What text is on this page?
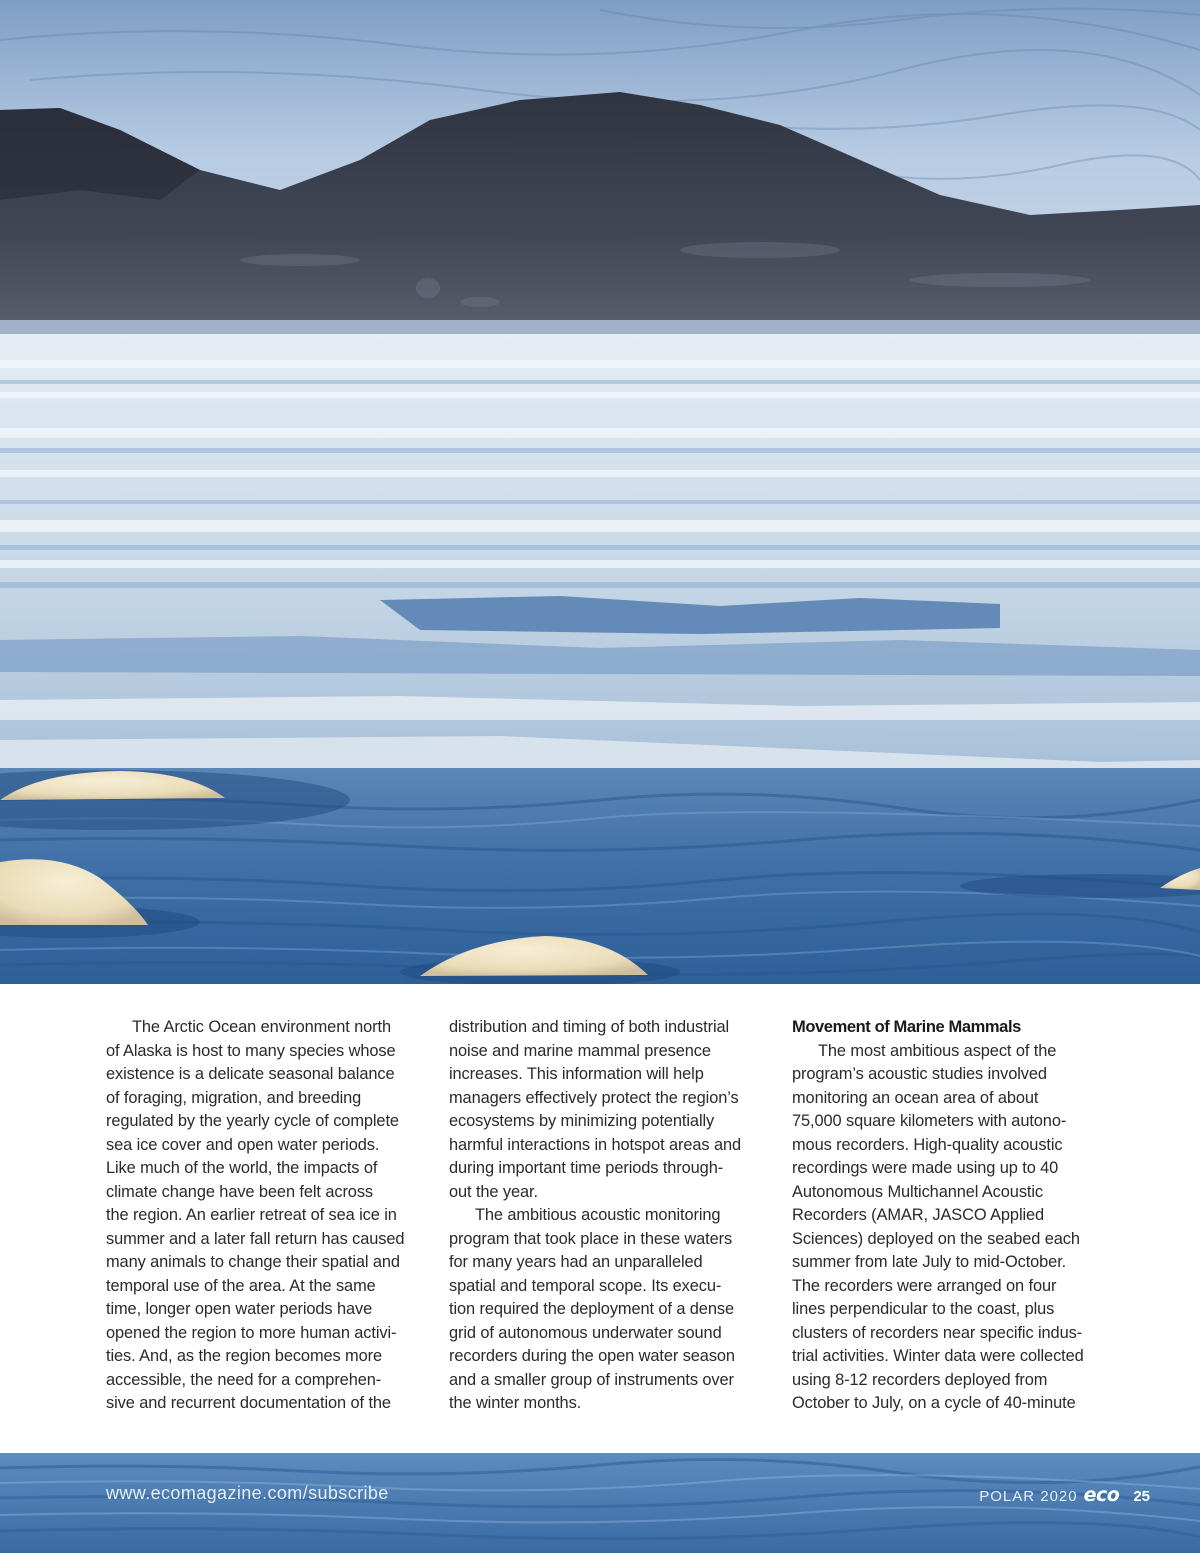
The Arctic Ocean environment north
of Alaska is host to many species whose
existence is a delicate seasonal balance
of foraging, migration, and breeding
regulated by the yearly cycle of complete
sea ice cover and open water periods.
Like much of the world, the impacts of
climate change have been felt across
the region. An earlier retreat of sea ice in
summer and a later fall return has caused
many animals to change their spatial and
temporal use of the area. At the same
time, longer open water periods have
opened the region to more human activi-
ties. And, as the region becomes more
accessible, the need for a comprehen-
sive and recurrent documentation of the

distribution and timing of both industrial
noise and marine mammal presence
increases. This information will help
managers effectively protect the region’s
ecosystems by minimizing potentially
harmful interactions in hotspot areas and
during important time periods through-
out the year.

The ambitious acoustic monitoring
program that took place in these waters
for many years had an unparalleled
spatial and temporal scope. Its execu-
tion required the deployment of a dense
grid of autonomous underwater sound
recorders during the open water season
and a smaller group of instruments over
the winter months.

Movement of Marine Mammals

The most ambitious aspect of the
program’s acoustic studies involved
monitoring an ocean area of about
75,000 square kilometers with autono-
mous recorders. High-quality acoustic
recordings were made using up to 40
Autonomous Multichannel Acoustic
Recorders (AMAR, JASCO Applied
Sciences) deployed on the seabed each
summer from late July to mid-October.
The recorders were arranged on four
lines perpendicular to the coast, plus
clusters of recorders near specific indus-
trial activities. Winter data were collected
using 8-12 recorders deployed from
October to July, on a cycle of 40-minute

www.ecomagazine.com/subscribe	POLAR 2020 eco 25
